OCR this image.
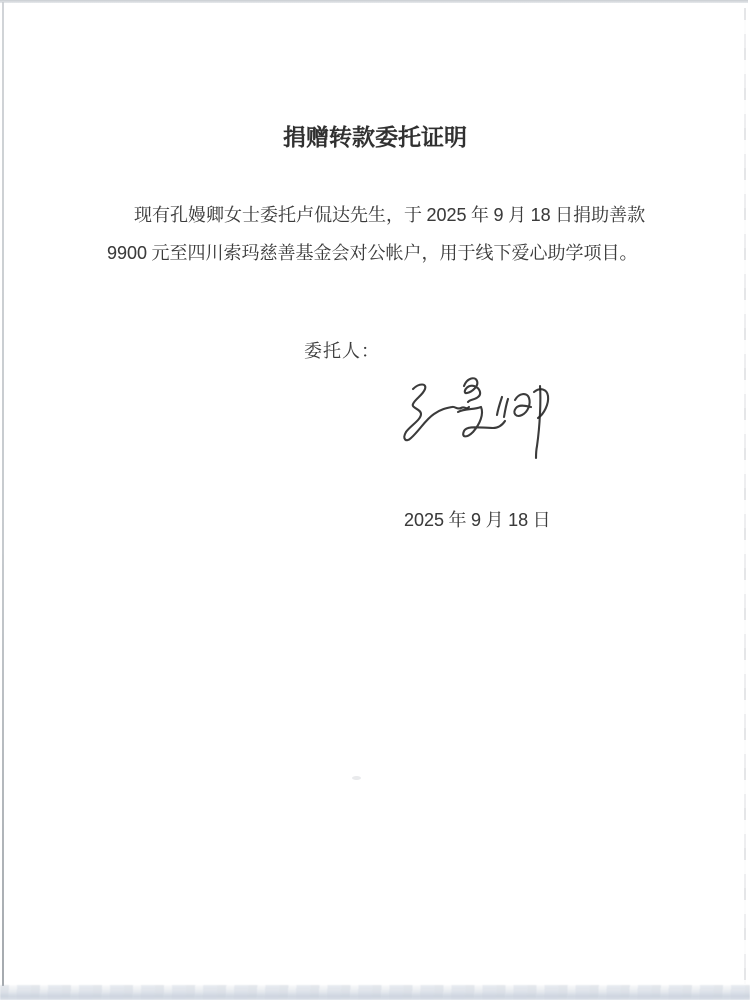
捐赠转款委托证明

现有孔嫚卿女士委托卢侃达先生，于 2025 年 9 月 18 日捐助善款

9900 元至四川索玛慈善基金会对公帐户，用于线下爱心助学项目。

委托人：
2025 年 9 月 18 日
